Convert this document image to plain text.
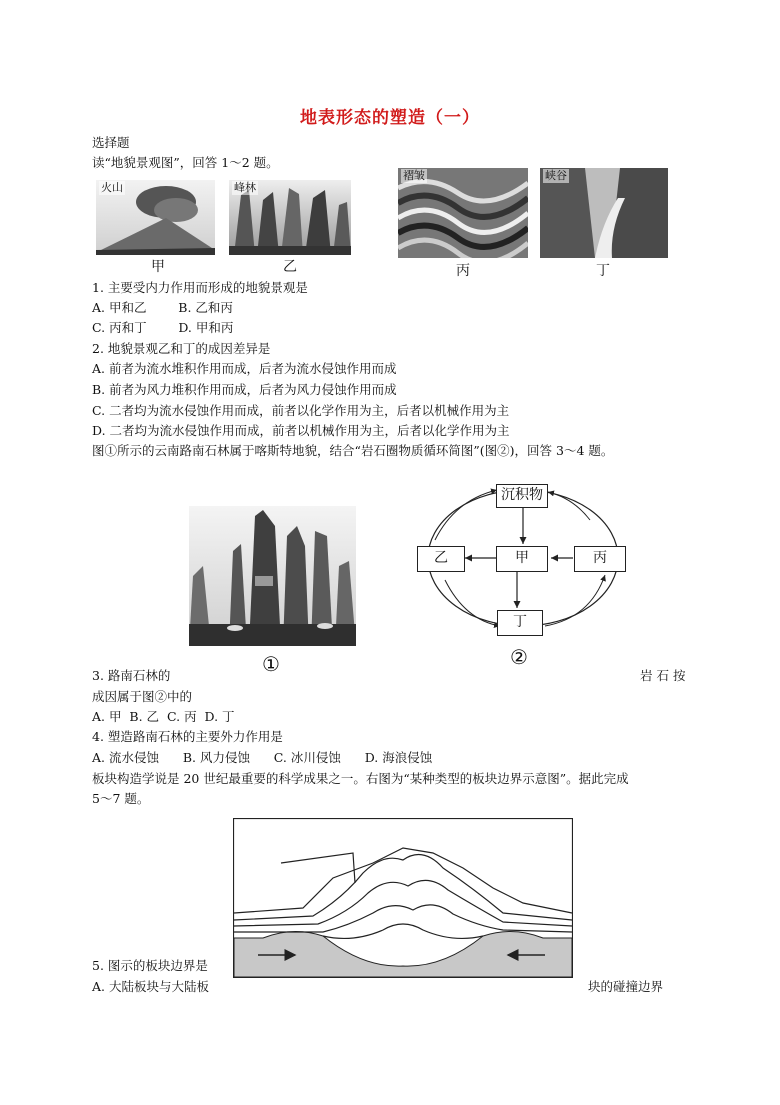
地表形态的塑造（一）
选择题
读“地貌景观图”，回答 1～2 题。
火山	峰林
褶皱	峡谷
甲	乙	丙	丁
1. 主要受内力作用而形成的地貌景观是
A. 甲和乙        B. 乙和丙
C. 丙和丁        D. 甲和丙
2. 地貌景观乙和丁的成因差异是
A. 前者为流水堆积作用而成，后者为流水侵蚀作用而成
B. 前者为风力堆积作用而成，后者为风力侵蚀作用而成
C. 二者均为流水侵蚀作用而成，前者以化学作用为主，后者以机械作用为主
D. 二者均为流水侵蚀作用而成，前者以机械作用为主，后者以化学作用为主
图①所示的云南路南石林属于喀斯特地貌，结合“岩石圈物质循环简图”(图②)，回答 3～4 题。
①
沉积物
乙	甲	丙
丁
②
3. 路南石林的	岩 石 按
成因属于图②中的
A. 甲  B. 乙  C. 丙  D. 丁
4. 塑造路南石林的主要外力作用是
A. 流水侵蚀      B. 风力侵蚀      C. 冰川侵蚀      D. 海浪侵蚀
板块构造学说是 20 世纪最重要的科学成果之一。右图为“某种类型的板块边界示意图”。据此完成
5～7 题。
5. 图示的板块边界是
A. 大陆板块与大陆板	块的碰撞边界
